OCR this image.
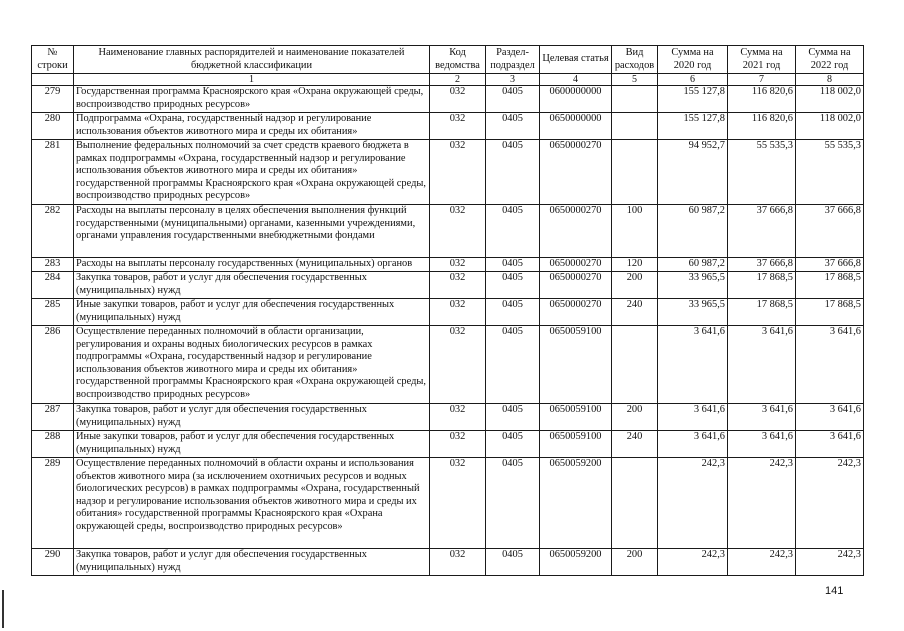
№ строки	Наименование главных распорядителей и наименование показателей бюджетной классификации	Код ведомства	Раздел-подраздел	Целевая статья	Вид расходов	Сумма на 2020 год	Сумма на 2021 год	Сумма на 2022 год
	1	2	3	4	5	6	7	8
279	Государственная программа Красноярского края «Охрана окружающей среды, воспроизводство природных ресурсов»	032	0405	0600000000		155 127,8	116 820,6	118 002,0
280	Подпрограмма «Охрана, государственный надзор и регулирование использования объектов животного мира и среды их обитания»	032	0405	0650000000		155 127,8	116 820,6	118 002,0
281	Выполнение федеральных полномочий за счет средств краевого бюджета в рамках подпрограммы «Охрана, государственный надзор и регулирование использования объектов животного мира и среды их обитания» государственной программы Красноярского края «Охрана окружающей среды, воспроизводство природных ресурсов»	032	0405	0650000270		94 952,7	55 535,3	55 535,3
282	Расходы на выплаты персоналу в целях обеспечения выполнения функций государственными (муниципальными) органами, казенными учреждениями, органами управления государственными внебюджетными фондами	032	0405	0650000270	100	60 987,2	37 666,8	37 666,8
283	Расходы на выплаты персоналу государственных (муниципальных) органов	032	0405	0650000270	120	60 987,2	37 666,8	37 666,8
284	Закупка товаров, работ и услуг для обеспечения государственных (муниципальных) нужд	032	0405	0650000270	200	33 965,5	17 868,5	17 868,5
285	Иные закупки товаров, работ и услуг для обеспечения государственных (муниципальных) нужд	032	0405	0650000270	240	33 965,5	17 868,5	17 868,5
286	Осуществление переданных полномочий в области организации, регулирования и охраны водных биологических ресурсов в рамках подпрограммы «Охрана, государственный надзор и регулирование использования объектов животного мира и среды их обитания» государственной программы Красноярского края «Охрана окружающей среды, воспроизводство природных ресурсов»	032	0405	0650059100		3 641,6	3 641,6	3 641,6
287	Закупка товаров, работ и услуг для обеспечения государственных (муниципальных) нужд	032	0405	0650059100	200	3 641,6	3 641,6	3 641,6
288	Иные закупки товаров, работ и услуг для обеспечения государственных (муниципальных) нужд	032	0405	0650059100	240	3 641,6	3 641,6	3 641,6
289	Осуществление переданных полномочий в области охраны и использования объектов животного мира (за исключением охотничьих ресурсов и водных биологических ресурсов) в рамках подпрограммы «Охрана, государственный надзор и регулирование использования объектов животного мира и среды их обитания» государственной программы Красноярского края «Охрана окружающей среды, воспроизводство природных ресурсов»	032	0405	0650059200		242,3	242,3	242,3
290	Закупка товаров, работ и услуг для обеспечения государственных (муниципальных) нужд	032	0405	0650059200	200	242,3	242,3	242,3
141
